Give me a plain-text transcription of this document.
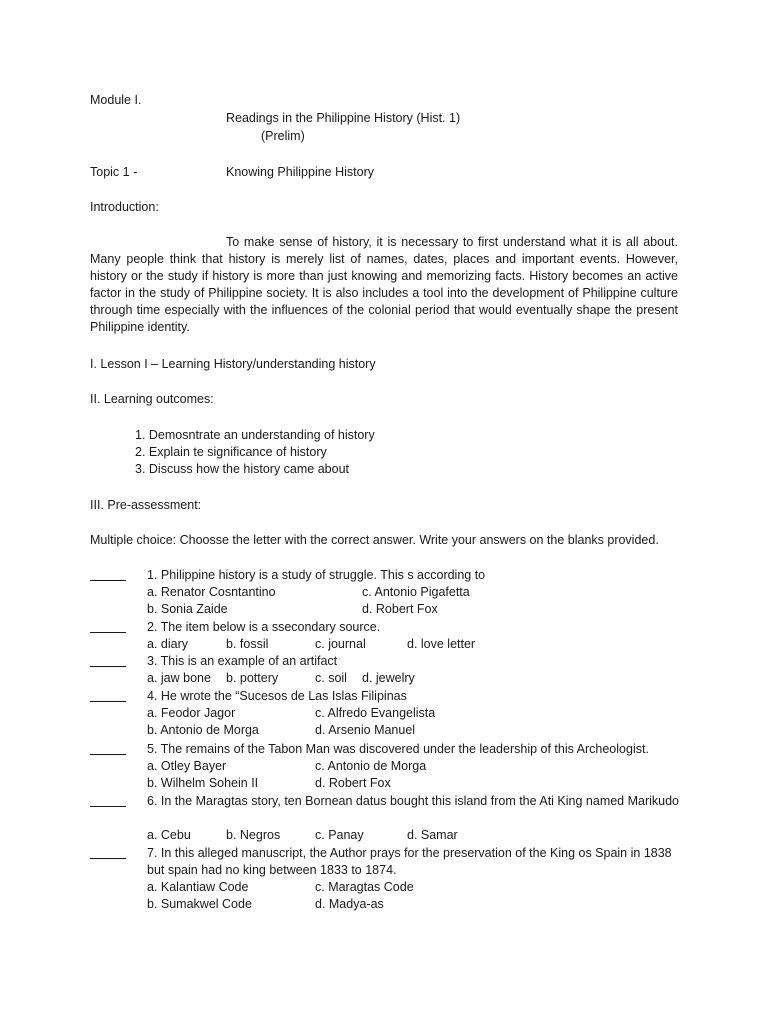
Module I.
Readings in the Philippine History (Hist. 1)
(Prelim)
Topic 1 -	Knowing Philippine History
Introduction:
To make sense of history, it is necessary to first understand what it is all about. Many people think that history is merely list of names, dates, places and important events. However, history or the study if history is more than just knowing and memorizing facts. History becomes an active factor in the study of Philippine society. It is also includes a tool into the development of Philippine culture through time especially with the influences of the colonial period that would eventually shape the present Philippine identity.
I. Lesson I – Learning History/understanding history
II. Learning outcomes:
1. Demosntrate an understanding of history
2. Explain te significance of history
3. Discuss how the history came about
III. Pre-assessment:
Multiple choice: Choosse the letter with the correct answer. Write your answers on the blanks provided.
1. Philippine history is a study of struggle. This s according to
a. Renator Cosntantino	c. Antonio Pigafetta
b. Sonia Zaide	d. Robert Fox
2. The item below is a ssecondary source.
a. diary	b. fossil	c. journal	d. love letter
3. This is an example of an artifact
a. jaw bone b. pottery	c. soil d. jewelry
4. He wrote the “Sucesos de Las Islas Filipinas
a. Feodor Jagor	c. Alfredo Evangelista
b. Antonio de Morga	d. Arsenio Manuel
5. The remains of the Tabon Man was discovered under the leadership of this Archeologist.
a. Otley Bayer	c. Antonio de Morga
b. Wilhelm Sohein II	d. Robert Fox
6. In the Maragtas story, ten Bornean datus bought this island from the Ati King named Marikudo
a. Cebu	b. Negros	c. Panay	d. Samar
7. In this alleged manuscript, the Author prays for the preservation of the King os Spain in 1838 but spain had no king between 1833 to 1874.
a. Kalantiaw Code	c. Maragtas Code
b. Sumakwel Code	d. Madya-as
